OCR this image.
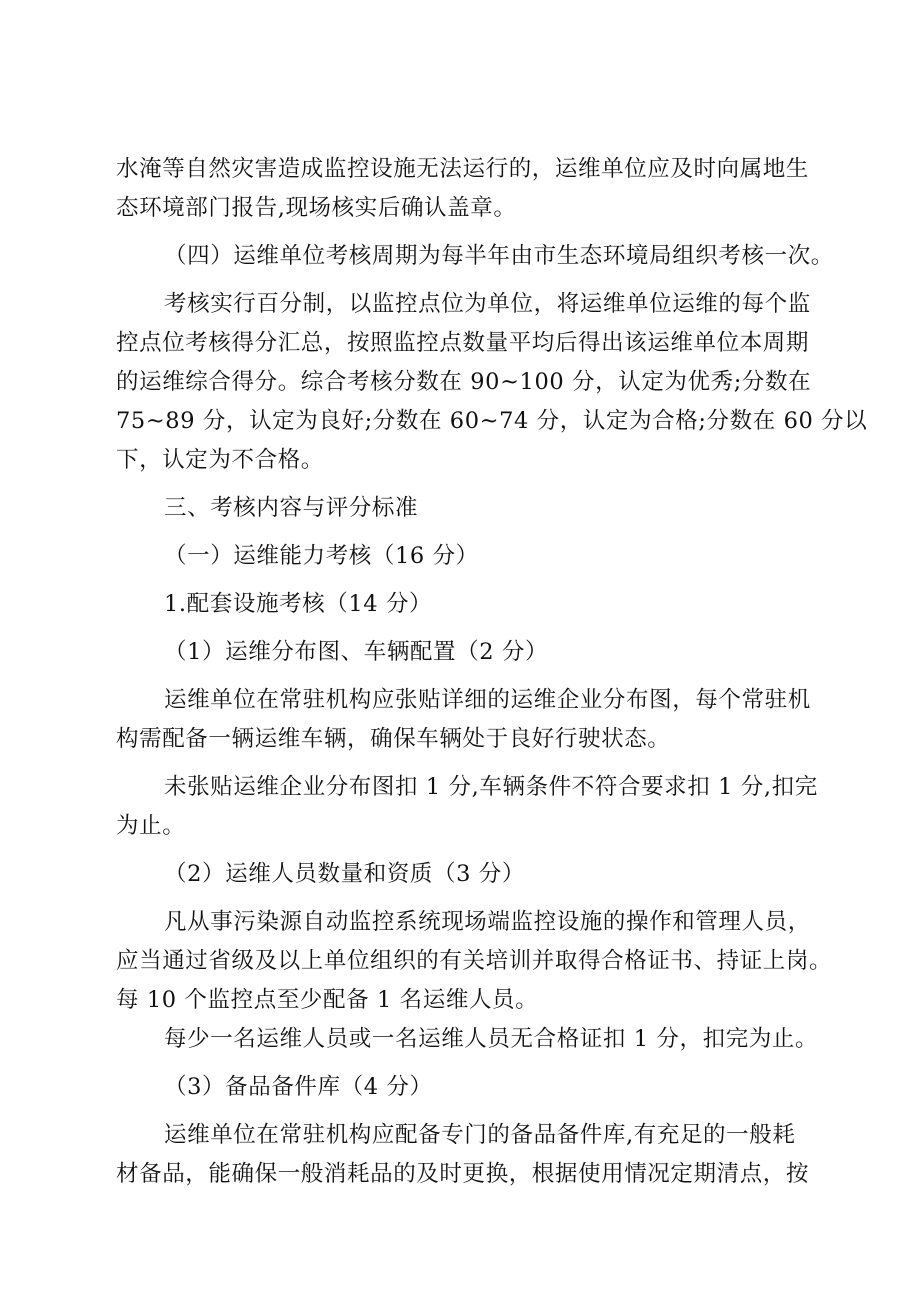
水淹等自然灾害造成监控设施无法运行的，运维单位应及时向属地生
态环境部门报告,现场核实后确认盖章。
（四）运维单位考核周期为每半年由市生态环境局组织考核一次。
考核实行百分制，以监控点位为单位，将运维单位运维的每个监
控点位考核得分汇总，按照监控点数量平均后得出该运维单位本周期
的运维综合得分。综合考核分数在 90~100 分，认定为优秀;分数在
75~89 分，认定为良好;分数在 60~74 分，认定为合格;分数在 60 分以
下，认定为不合格。
三、考核内容与评分标准
（一）运维能力考核（16 分）
1.配套设施考核（14 分）
（1）运维分布图、车辆配置（2 分）
运维单位在常驻机构应张贴详细的运维企业分布图，每个常驻机
构需配备一辆运维车辆，确保车辆处于良好行驶状态。
未张贴运维企业分布图扣 1 分,车辆条件不符合要求扣 1 分,扣完
为止。
（2）运维人员数量和资质（3 分）
凡从事污染源自动监控系统现场端监控设施的操作和管理人员，
应当通过省级及以上单位组织的有关培训并取得合格证书、持证上岗。
每 10 个监控点至少配备 1 名运维人员。
每少一名运维人员或一名运维人员无合格证扣 1 分，扣完为止。
（3）备品备件库（4 分）
运维单位在常驻机构应配备专门的备品备件库,有充足的一般耗
材备品，能确保一般消耗品的及时更换，根据使用情况定期清点，按
